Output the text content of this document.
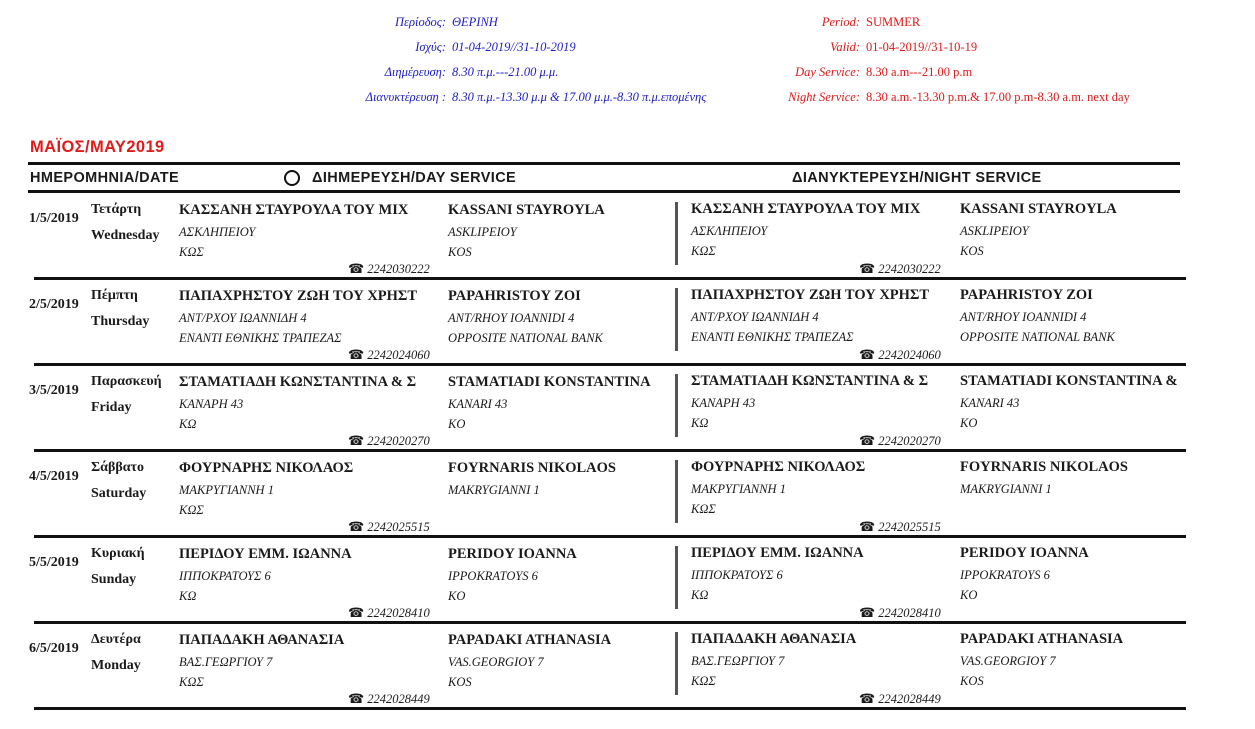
Περίοδος: ΘΕΡΙΝΗ
Ισχύς: 01-04-2019//31-10-2019
Διημέρευση: 8.30 π.μ.---21.00 μ.μ.
Διανυκτέρευση : 8.30 π.μ.-13.30 μ.μ & 17.00 μ.μ.-8.30 π.μ.επομένης
Period: SUMMER
Valid: 01-04-2019//31-10-19
Day Service: 8.30 a.m---21.00 p.m
Night Service: 8.30 a.m.-13.30 p.m.& 17.00 p.m-8.30 a.m. next day
ΜΑΪΟΣ/MAY2019
ΗΜΕΡΟΜΗΝΙΑ/DATE	ΔΙΗΜΕΡΕΥΣΗ/DAY SERVICE	ΔΙΑΝΥΚΤΕΡΕΥΣΗ/NIGHT SERVICE
1/5/2019
Τετάρτη
Wednesday
ΚΑΣΣΑΝΗ ΣΤΑΥΡΟΥΛΑ ΤΟΥ ΜΙΧ
ΑΣΚΛΗΠΕΙΟΥ
ΚΩΣ
KASSANI STAYROYLA
ASKLIPEIOY
KOS
☎ 2242030222
ΚΑΣΣΑΝΗ ΣΤΑΥΡΟΥΛΑ ΤΟΥ ΜΙΧ
ΑΣΚΛΗΠΕΙΟΥ
ΚΩΣ
KASSANI STAYROYLA
ASKLIPEIOY
KOS
☎ 2242030222
2/5/2019
Πέμπτη
Thursday
ΠΑΠΑΧΡΗΣΤΟΥ ΖΩΗ ΤΟΥ ΧΡΗΣΤ
ΑΝΤ/ΡΧΟΥ ΙΩΑΝΝΙΔΗ 4
ΕΝΑΝΤΙ ΕΘΝΙΚΗΣ ΤΡΑΠΕΖΑΣ
PAPAHRISTOY ZOI
ANT/RHOY IOANNIDI 4
OPPOSITE NATIONAL BANK
☎ 2242024060
ΠΑΠΑΧΡΗΣΤΟΥ ΖΩΗ ΤΟΥ ΧΡΗΣΤ
ΑΝΤ/ΡΧΟΥ ΙΩΑΝΝΙΔΗ 4
ΕΝΑΝΤΙ ΕΘΝΙΚΗΣ ΤΡΑΠΕΖΑΣ
PAPAHRISTOY ZOI
ANT/RHOY IOANNIDI 4
OPPOSITE NATIONAL BANK
☎ 2242024060
3/5/2019
Παρασκευή
Friday
ΣΤΑΜΑΤΙΑΔΗ ΚΩΝΣΤΑΝΤΙΝΑ & Σ
ΚΑΝΑΡΗ 43
ΚΩ
STAMATIADI KONSTANTINA
KANARI 43
KO
☎ 2242020270
ΣΤΑΜΑΤΙΑΔΗ ΚΩΝΣΤΑΝΤΙΝΑ & Σ
ΚΑΝΑΡΗ 43
ΚΩ
STAMATIADI KONSTANTINA &
KANARI 43
KO
☎ 2242020270
4/5/2019
Σάββατο
Saturday
ΦΟΥΡΝΑΡΗΣ ΝΙΚΟΛΑΟΣ
ΜΑΚΡΥΓΙΑΝΝΗ 1
ΚΩΣ
FOYRNARIS NIKOLAOS
MAKRYGIANNI 1
☎ 2242025515
ΦΟΥΡΝΑΡΗΣ ΝΙΚΟΛΑΟΣ
ΜΑΚΡΥΓΙΑΝΝΗ 1
ΚΩΣ
FOYRNARIS NIKOLAOS
MAKRYGIANNI 1
☎ 2242025515
5/5/2019
Κυριακή
Sunday
ΠΕΡΙΔΟΥ ΕΜΜ. ΙΩΑΝΝΑ
ΙΠΠΟΚΡΑΤΟΥΣ 6
ΚΩ
PERIDOY IOANNA
IPPOKRATOYS 6
KO
☎ 2242028410
ΠΕΡΙΔΟΥ ΕΜΜ. ΙΩΑΝΝΑ
ΙΠΠΟΚΡΑΤΟΥΣ 6
ΚΩ
PERIDOY IOANNA
IPPOKRATOYS 6
KO
☎ 2242028410
6/5/2019
Δευτέρα
Monday
ΠΑΠΑΔΑΚΗ ΑΘΑΝΑΣΙΑ
ΒΑΣ.ΓΕΩΡΓΙΟΥ 7
ΚΩΣ
PAPADAKI ATHANASIA
VAS.GEORGIOY 7
KOS
☎ 2242028449
ΠΑΠΑΔΑΚΗ ΑΘΑΝΑΣΙΑ
ΒΑΣ.ΓΕΩΡΓΙΟΥ 7
ΚΩΣ
PAPADAKI ATHANASIA
VAS.GEORGIOY 7
KOS
☎ 2242028449
